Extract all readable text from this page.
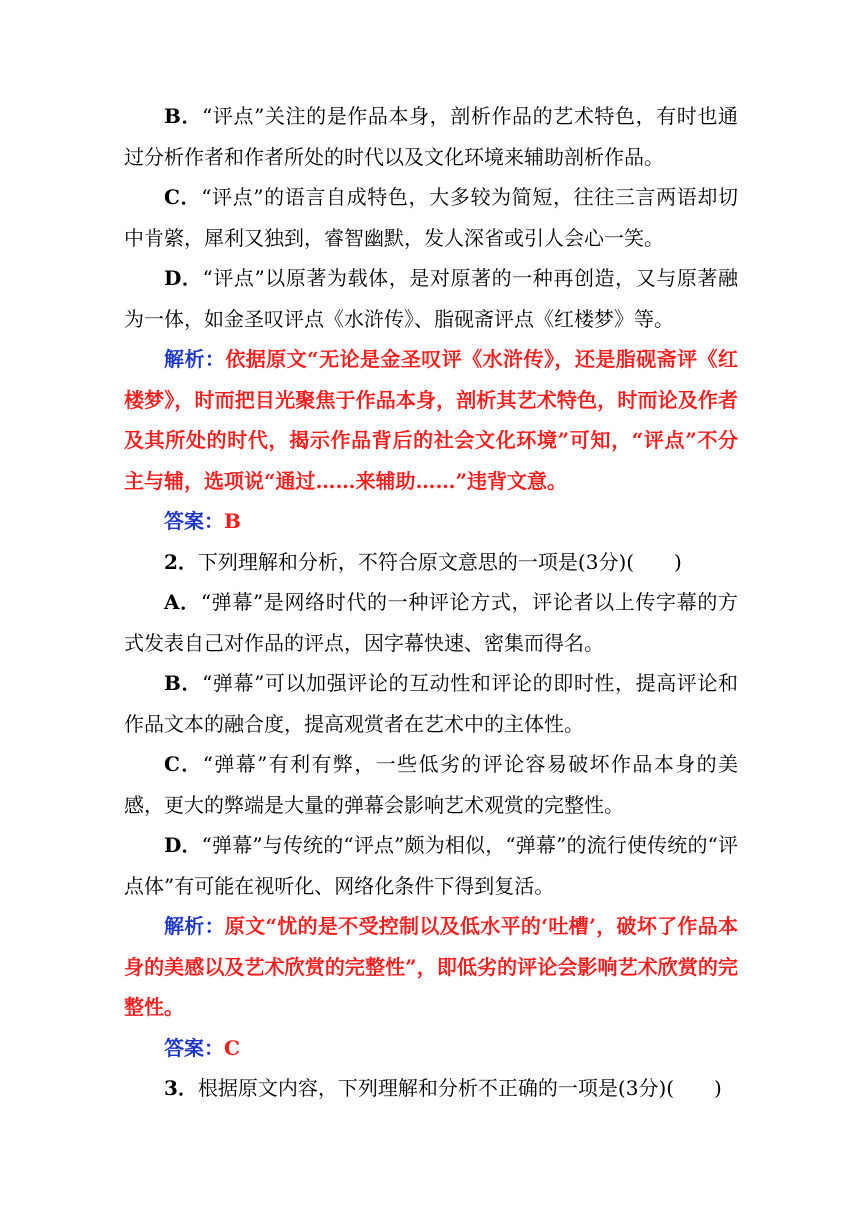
B．“评点”关注的是作品本身，剖析作品的艺术特色，有时也通过分析作者和作者所处的时代以及文化环境来辅助剖析作品。

C．“评点”的语言自成特色，大多较为简短，往往三言两语却切中肯綮，犀利又独到，睿智幽默，发人深省或引人会心一笑。

D．“评点”以原著为载体，是对原著的一种再创造，又与原著融为一体，如金圣叹评点《水浒传》、脂砚斋评点《红楼梦》等。

解析：依据原文“无论是金圣叹评《水浒传》，还是脂砚斋评《红楼梦》，时而把目光聚焦于作品本身，剖析其艺术特色，时而论及作者及其所处的时代，揭示作品背后的社会文化环境”可知，“评点”不分主与辅，选项说“通过……来辅助……”违背文意。

答案：B

2．下列理解和分析，不符合原文意思的一项是(3分)(　　)

A．“弹幕”是网络时代的一种评论方式，评论者以上传字幕的方式发表自己对作品的评点，因字幕快速、密集而得名。

B．“弹幕”可以加强评论的互动性和评论的即时性，提高评论和作品文本的融合度，提高观赏者在艺术中的主体性。

C．“弹幕”有利有弊，一些低劣的评论容易破坏作品本身的美感，更大的弊端是大量的弹幕会影响艺术观赏的完整性。

D．“弹幕”与传统的“评点”颇为相似，“弹幕”的流行使传统的“评点体”有可能在视听化、网络化条件下得到复活。

解析：原文“忧的是不受控制以及低水平的‘吐槽’，破坏了作品本身的美感以及艺术欣赏的完整性”，即低劣的评论会影响艺术欣赏的完整性。

答案：C

3．根据原文内容，下列理解和分析不正确的一项是(3分)(　　)
